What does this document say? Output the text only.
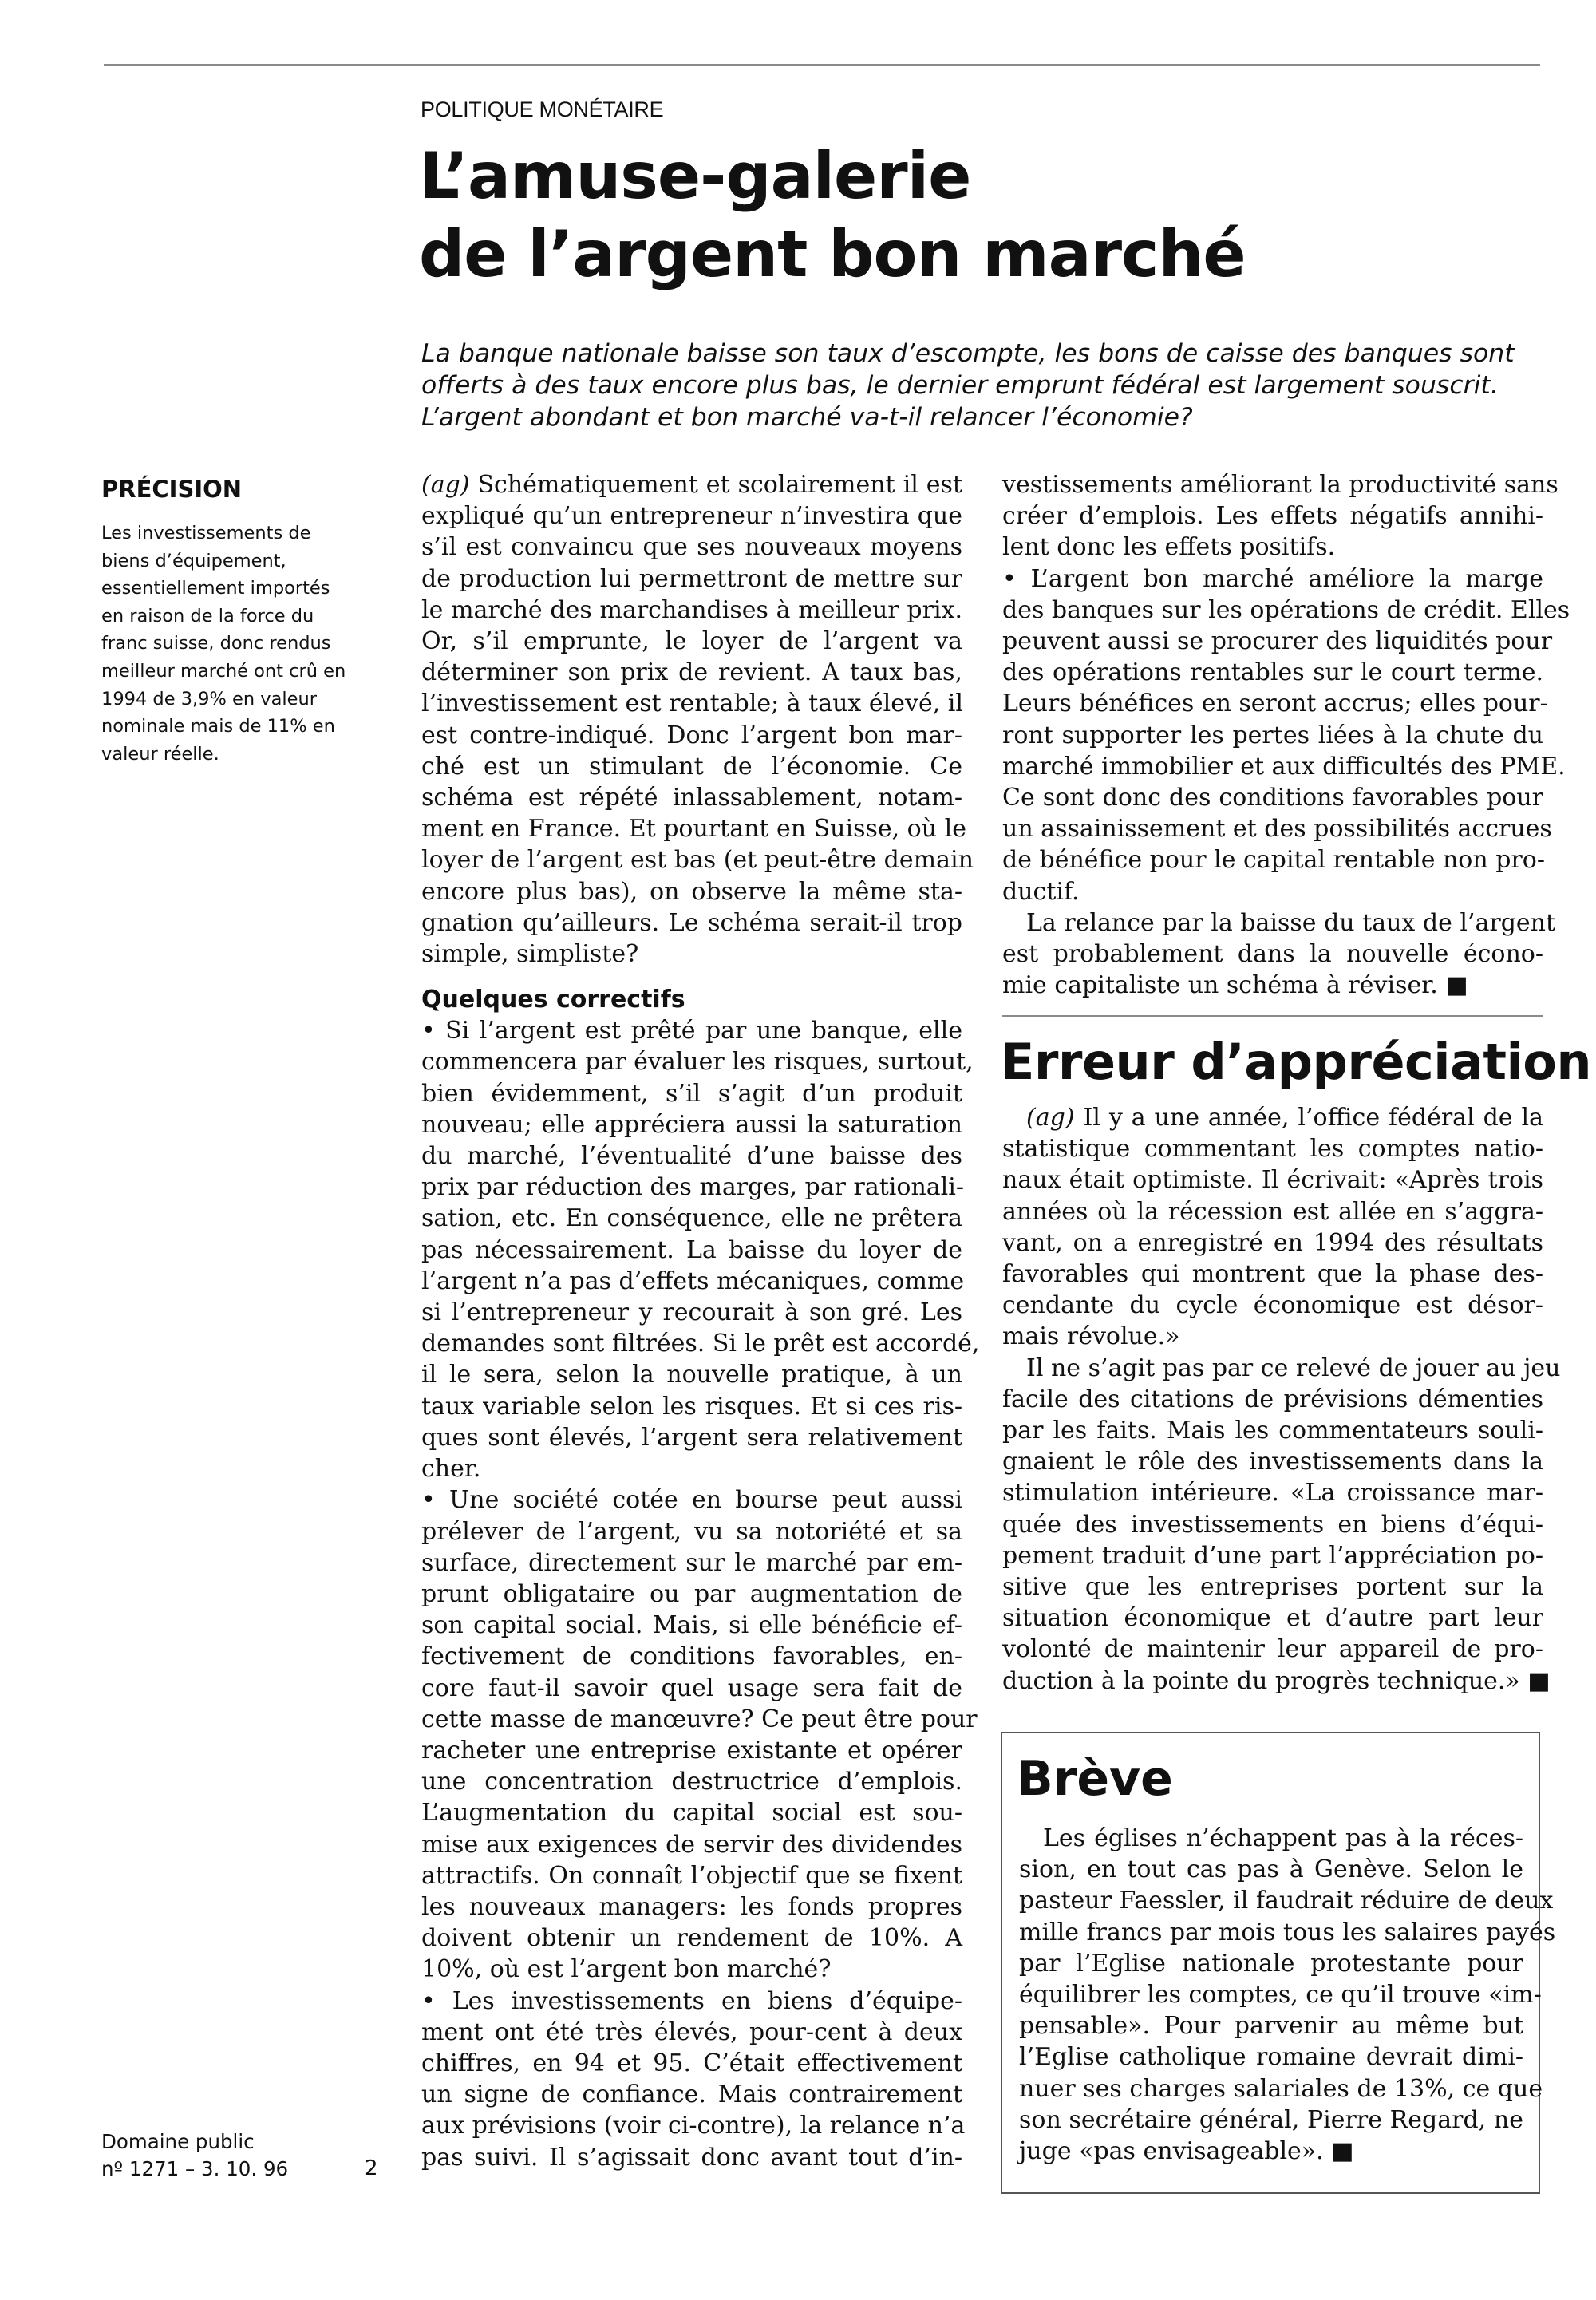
POLITIQUE MONÉTAIRE
L’amuse-galerie
de l’argent bon marché
La banque nationale baisse son taux d’escompte, les bons de caisse des banques sont
offerts à des taux encore plus bas, le dernier emprunt fédéral est largement souscrit.
L’argent abondant et bon marché va-t-il relancer l’économie?
PRÉCISION
Les investissements de
biens d’équipement,
essentiellement importés
en raison de la force du
franc suisse, donc rendus
meilleur marché ont crû en
1994 de 3,9% en valeur
nominale mais de 11% en
valeur réelle.
(ag) Schématiquement et scolairement il est
expliqué qu’un entrepreneur n’investira que
s’il est convaincu que ses nouveaux moyens
de production lui permettront de mettre sur
le marché des marchandises à meilleur prix.
Or, s’il emprunte, le loyer de l’argent va
déterminer son prix de revient. A taux bas,
l’investissement est rentable; à taux élevé, il
est contre-indiqué. Donc l’argent bon mar-
ché est un stimulant de l’économie. Ce
schéma est répété inlassablement, notam-
ment en France. Et pourtant en Suisse, où le
loyer de l’argent est bas (et peut-être demain
encore plus bas), on observe la même sta-
gnation qu’ailleurs. Le schéma serait-il trop
simple, simpliste?
Quelques correctifs
• Si l’argent est prêté par une banque, elle
commencera par évaluer les risques, surtout,
bien évidemment, s’il s’agit d’un produit
nouveau; elle appréciera aussi la saturation
du marché, l’éventualité d’une baisse des
prix par réduction des marges, par rationali-
sation, etc. En conséquence, elle ne prêtera
pas nécessairement. La baisse du loyer de
l’argent n’a pas d’effets mécaniques, comme
si l’entrepreneur y recourait à son gré. Les
demandes sont filtrées. Si le prêt est accordé,
il le sera, selon la nouvelle pratique, à un
taux variable selon les risques. Et si ces ris-
ques sont élevés, l’argent sera relativement
cher.
• Une société cotée en bourse peut aussi
prélever de l’argent, vu sa notoriété et sa
surface, directement sur le marché par em-
prunt obligataire ou par augmentation de
son capital social. Mais, si elle bénéficie ef-
fectivement de conditions favorables, en-
core faut-il savoir quel usage sera fait de
cette masse de manœuvre? Ce peut être pour
racheter une entreprise existante et opérer
une concentration destructrice d’emplois.
L’augmentation du capital social est sou-
mise aux exigences de servir des dividendes
attractifs. On connaît l’objectif que se fixent
les nouveaux managers: les fonds propres
doivent obtenir un rendement de 10%. A
10%, où est l’argent bon marché?
• Les investissements en biens d’équipe-
ment ont été très élevés, pour-cent à deux
chiffres, en 94 et 95. C’était effectivement
un signe de confiance. Mais contrairement
aux prévisions (voir ci-contre), la relance n’a
pas suivi. Il s’agissait donc avant tout d’in-
vestissements améliorant la productivité sans
créer d’emplois. Les effets négatifs annihi-
lent donc les effets positifs.
• L’argent bon marché améliore la marge
des banques sur les opérations de crédit. Elles
peuvent aussi se procurer des liquidités pour
des opérations rentables sur le court terme.
Leurs bénéfices en seront accrus; elles pour-
ront supporter les pertes liées à la chute du
marché immobilier et aux difficultés des PME.
Ce sont donc des conditions favorables pour
un assainissement et des possibilités accrues
de bénéfice pour le capital rentable non pro-
ductif.
La relance par la baisse du taux de l’argent
est probablement dans la nouvelle écono-
mie capitaliste un schéma à réviser. ■
Erreur d’appréciation
(ag) Il y a une année, l’office fédéral de la
statistique commentant les comptes natio-
naux était optimiste. Il écrivait: «Après trois
années où la récession est allée en s’aggra-
vant, on a enregistré en 1994 des résultats
favorables qui montrent que la phase des-
cendante du cycle économique est désor-
mais révolue.»
Il ne s’agit pas par ce relevé de jouer au jeu
facile des citations de prévisions démenties
par les faits. Mais les commentateurs souli-
gnaient le rôle des investissements dans la
stimulation intérieure. «La croissance mar-
quée des investissements en biens d’équi-
pement traduit d’une part l’appréciation po-
sitive que les entreprises portent sur la
situation économique et d’autre part leur
volonté de maintenir leur appareil de pro-
duction à la pointe du progrès technique.» ■
Brève
Les églises n’échappent pas à la réces-
sion, en tout cas pas à Genève. Selon le
pasteur Faessler, il faudrait réduire de deux
mille francs par mois tous les salaires payés
par l’Eglise nationale protestante pour
équilibrer les comptes, ce qu’il trouve «im-
pensable». Pour parvenir au même but
l’Eglise catholique romaine devrait dimi-
nuer ses charges salariales de 13%, ce que
son secrétaire général, Pierre Regard, ne
juge «pas envisageable». ■
Domaine public
nº 1271 – 3. 10. 96	2
